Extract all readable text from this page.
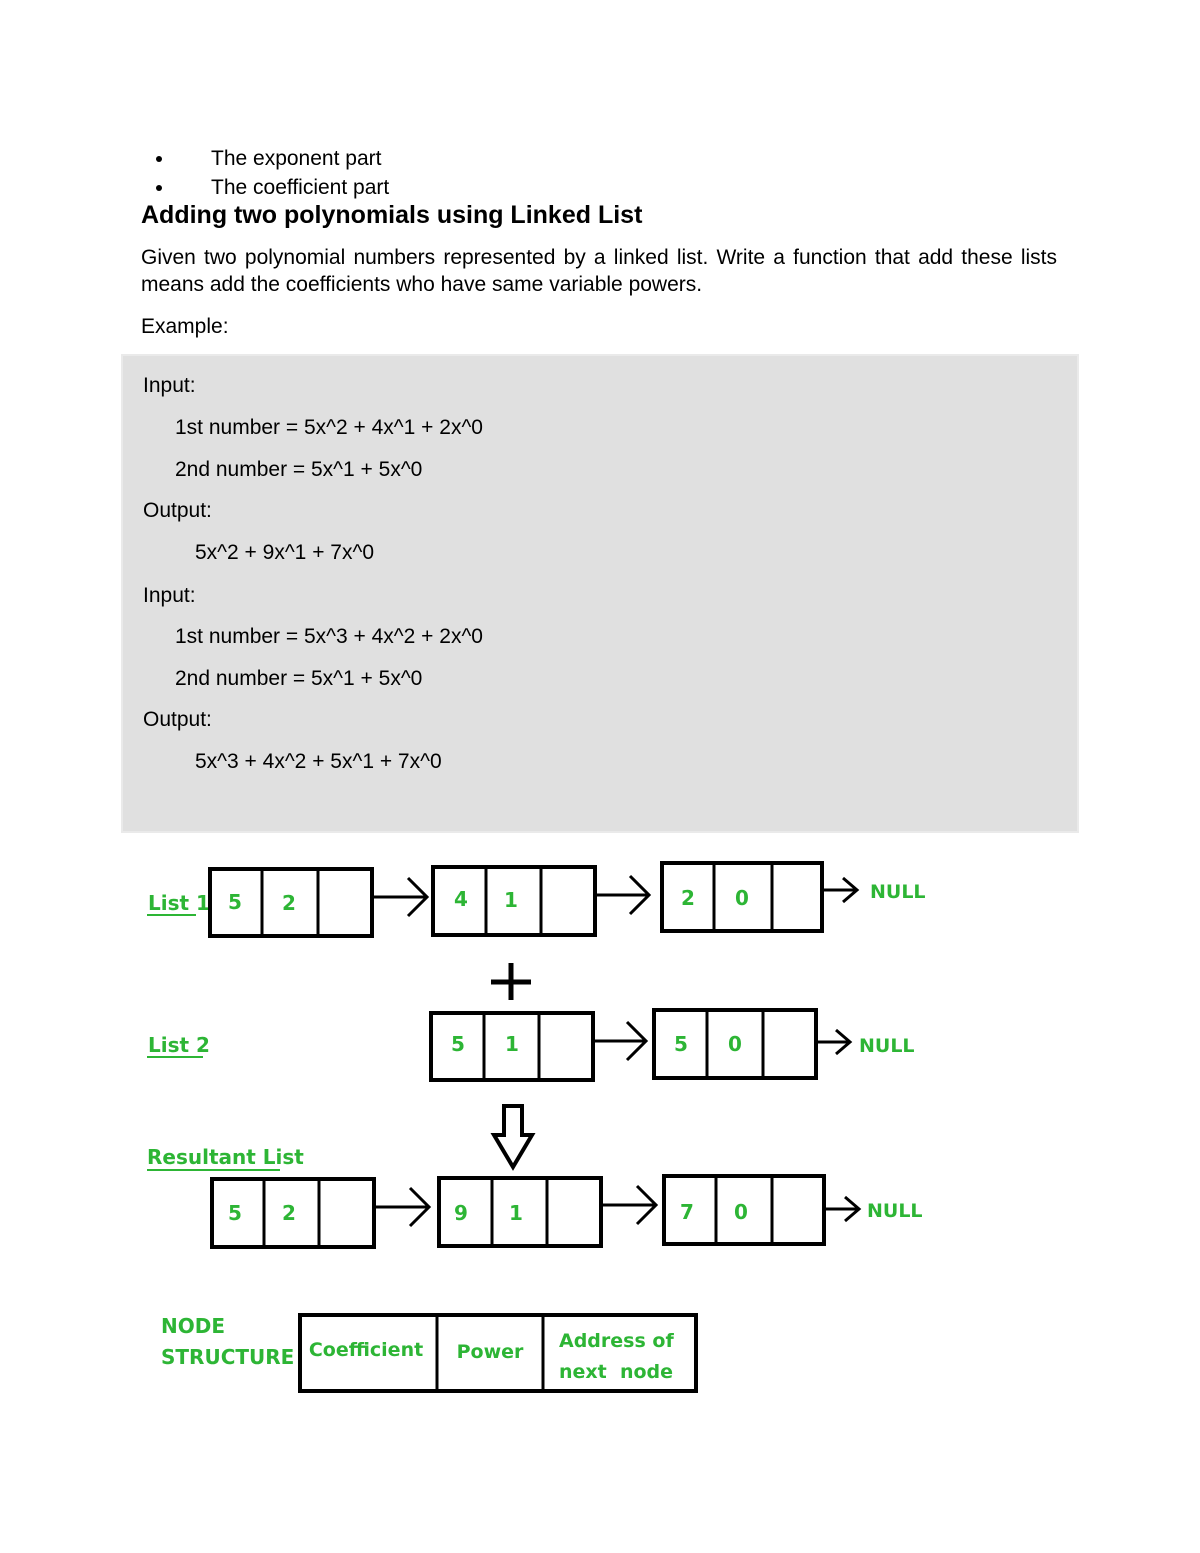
The exponent part
The coefficient part
Adding two polynomials using Linked List

Given two polynomial numbers represented by a linked list. Write a function that add these lists means add the coefficients who have same variable powers.

Example:

Input:
1st number = 5x^2 + 4x^1 + 2x^0
2nd number = 5x^1 + 5x^0
Output:
5x^2 + 9x^1 + 7x^0
Input:
1st number = 5x^3 + 4x^2 + 2x^0
2nd number = 5x^1 + 5x^0
Output:
5x^3 + 4x^2 + 5x^1 + 7x^0
List 1 5 2	4 1	2 0	NULL
List 2	5 1	5 0	NULL
Resultant List
5 2	9 1	7 0	NULL
NODE
STRUCTURE Coefficient Power Address of
next  node
